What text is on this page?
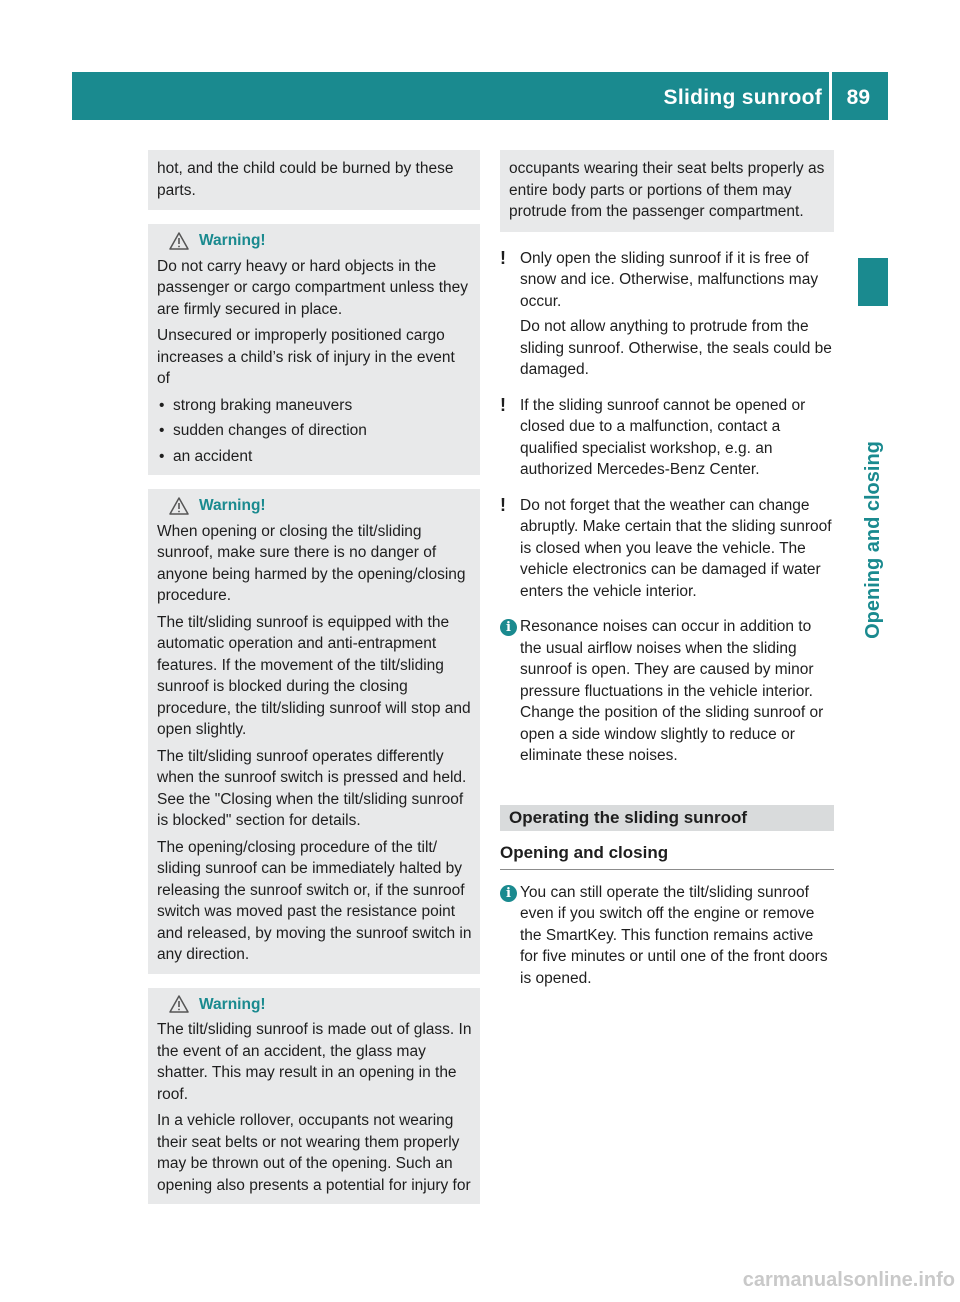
Sliding sunroof 89
Opening and closing

hot, and the child could be burned by these parts.

Warning!

Do not carry heavy or hard objects in the passenger or cargo compartment unless they are firmly secured in place.

Unsecured or improperly positioned cargo increases a child’s risk of injury in the event of

• strong braking maneuvers
• sudden changes of direction
• an accident
Warning!

When opening or closing the tilt/sliding sunroof, make sure there is no danger of anyone being harmed by the opening/closing procedure.

The tilt/sliding sunroof is equipped with the automatic operation and anti-entrapment features. If the movement of the tilt/sliding sunroof is blocked during the closing procedure, the tilt/sliding sunroof will stop and open slightly.

The tilt/sliding sunroof operates differently when the sunroof switch is pressed and held. See the "Closing when the tilt/sliding sunroof is blocked" section for details.

The opening/closing procedure of the tilt/ sliding sunroof can be immediately halted by releasing the sunroof switch or, if the sunroof switch was moved past the resistance point and released, by moving the sunroof switch in any direction.

Warning!

The tilt/sliding sunroof is made out of glass. In the event of an accident, the glass may shatter. This may result in an opening in the roof.

In a vehicle rollover, occupants not wearing their seat belts or not wearing them properly may be thrown out of the opening. Such an opening also presents a potential for injury for

occupants wearing their seat belts properly as entire body parts or portions of them may protrude from the passenger compartment.

! Only open the sliding sunroof if it is free of snow and ice. Otherwise, malfunctions may occur.

Do not allow anything to protrude from the sliding sunroof. Otherwise, the seals could be damaged.

! If the sliding sunroof cannot be opened or closed due to a malfunction, contact a qualified specialist workshop, e.g. an authorized Mercedes-Benz Center.

! Do not forget that the weather can change abruptly. Make certain that the sliding sunroof is closed when you leave the vehicle. The vehicle electronics can be damaged if water enters the vehicle interior.

i Resonance noises can occur in addition to the usual airflow noises when the sliding sunroof is open. They are caused by minor pressure fluctuations in the vehicle interior. Change the position of the sliding sunroof or open a side window slightly to reduce or eliminate these noises.

Operating the sliding sunroof
Opening and closing
i You can still operate the tilt/sliding sunroof even if you switch off the engine or remove the SmartKey. This function remains active for five minutes or until one of the front doors is opened.

carmanualsonline.info
